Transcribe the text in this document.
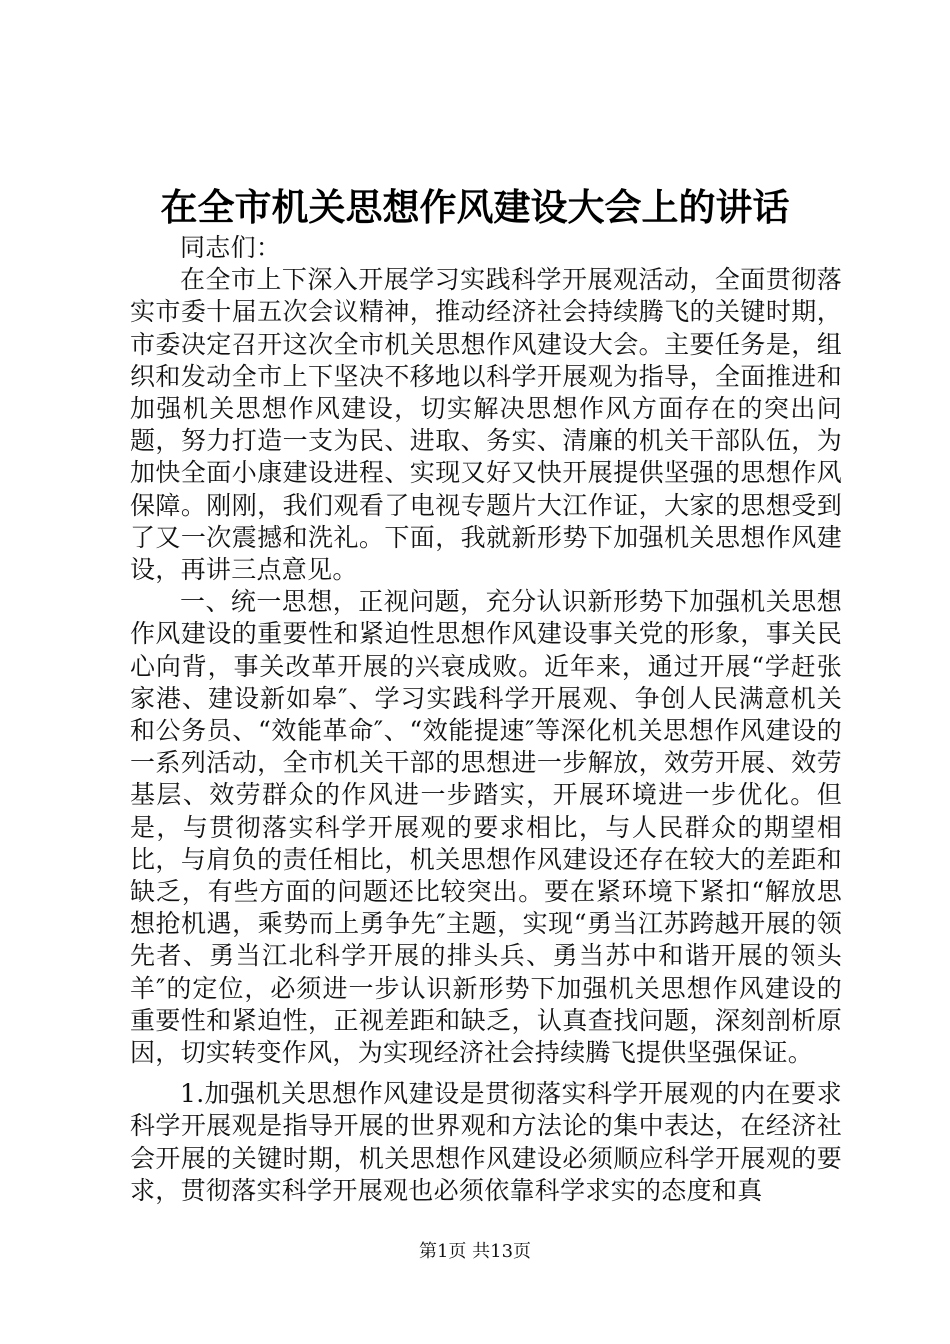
在全市机关思想作风建设大会上的讲话

同志们：

在全市上下深入开展学习实践科学开展观活动，全面贯彻落实市委十届五次会议精神，推动经济社会持续腾飞的关键时期，市委决定召开这次全市机关思想作风建设大会。主要任务是，组织和发动全市上下坚决不移地以科学开展观为指导，全面推进和加强机关思想作风建设，切实解决思想作风方面存在的突出问题，努力打造一支为民、进取、务实、清廉的机关干部队伍，为加快全面小康建设进程、实现又好又快开展提供坚强的思想作风保障。刚刚，我们观看了电视专题片大江作证，大家的思想受到了又一次震撼和洗礼。下面，我就新形势下加强机关思想作风建设，再讲三点意见。

一、统一思想，正视问题，充分认识新形势下加强机关思想作风建设的重要性和紧迫性思想作风建设事关党的形象，事关民心向背，事关改革开展的兴衰成败。近年来，通过开展“学赶张家港、建设新如皋″、学习实践科学开展观、争创人民满意机关和公务员、“效能革命″、“效能提速″等深化机关思想作风建设的一系列活动，全市机关干部的思想进一步解放，效劳开展、效劳基层、效劳群众的作风进一步踏实，开展环境进一步优化。但是，与贯彻落实科学开展观的要求相比，与人民群众的期望相比，与肩负的责任相比，机关思想作风建设还存在较大的差距和缺乏，有些方面的问题还比较突出。要在紧环境下紧扣“解放思想抢机遇，乘势而上勇争先″主题，实现“勇当江苏跨越开展的领先者、勇当江北科学开展的排头兵、勇当苏中和谐开展的领头羊″的定位，必须进一步认识新形势下加强机关思想作风建设的重要性和紧迫性，正视差距和缺乏，认真查找问题，深刻剖析原因，切实转变作风，为实现经济社会持续腾飞提供坚强保证。

1.加强机关思想作风建设是贯彻落实科学开展观的内在要求科学开展观是指导开展的世界观和方法论的集中表达，在经济社会开展的关键时期，机关思想作风建设必须顺应科学开展观的要求，贯彻落实科学开展观也必须依靠科学求实的态度和真

第1页 共13页
